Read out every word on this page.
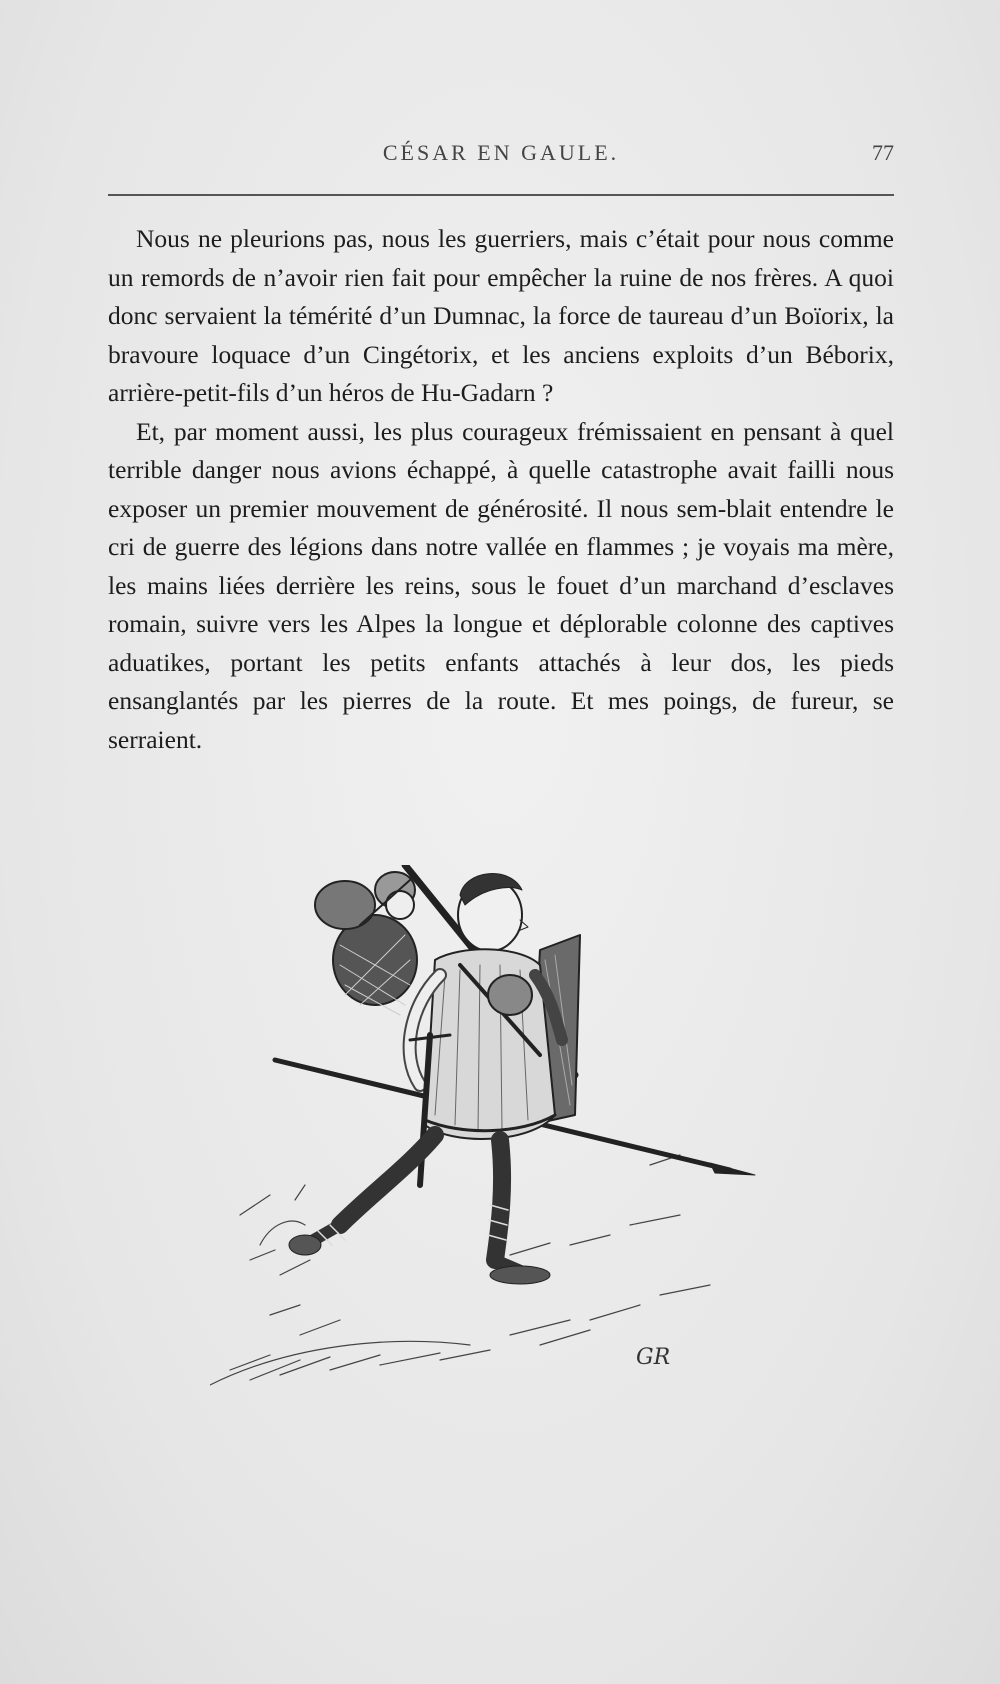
CÉSAR EN GAULE.	77

Nous ne pleurions pas, nous les guerriers, mais c’était pour nous comme un remords de n’avoir rien fait pour empêcher la ruine de nos frères. A quoi donc servaient la témérité d’un Dumnac, la force de taureau d’un Boïorix, la bravoure loquace d’un Cingétorix, et les anciens exploits d’un Béborix, arrière-petit-fils d’un héros de Hu-Gadarn ?

Et, par moment aussi, les plus courageux frémissaient en pensant à quel terrible danger nous avions échappé, à quelle catastrophe avait failli nous exposer un premier mouvement de générosité. Il nous sem-blait entendre le cri de guerre des légions dans notre vallée en flammes ; je voyais ma mère, les mains liées derrière les reins, sous le fouet d’un marchand d’esclaves romain, suivre vers les Alpes la longue et déplorable colonne des captives aduatikes, portant les petits enfants attachés à leur dos, les pieds ensanglantés par les pierres de la route. Et mes poings, de fureur, se serraient.

GR
